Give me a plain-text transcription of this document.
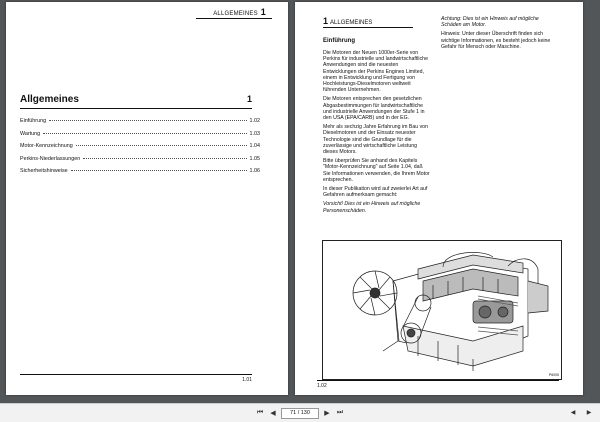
ALLGEMEINES 1
Allgemeines	1
Einführung	1.02
Wartung	1.03
Motor-Kennzeichnung	1.04
Perkins-Niederlassungen	1.05
Sicherheitshinweise	1.06
1.01
1 ALLGEMEINES
Einführung

Die Motoren der Neuen 1000er-Serie von Perkins für industrielle und landwirtschaftliche Anwendungen sind die neuesten Entwicklungen der Perkins Engines Limited, einem in Entwicklung und Fertigung von Hochleistungs-Dieselmotoren weltweit führenden Unternehmen.

Die Motoren entsprechen den gesetzlichen Abgasbestimmungen für landwirtschaftliche und industrielle Anwendungen der Stufe 1 in den USA (EPA/CARB) und in der EG.

Mehr als sechzig Jahre Erfahrung im Bau von Dieselmotoren und der Einsatz neuester Technologie sind die Grundlage für die zuverlässige und wirtschaftliche Leistung dieses Motors.

Bitte überprüfen Sie anhand des Kapitels "Motor-Kennzeichnung" auf Seite 1.04, daß Sie Informationen verwenden, die Ihrem Motor entsprechen.

In dieser Publikation wird auf zweierlei Art auf Gefahren aufmerksam gemacht:

Vorsicht! Dies ist ein Hinweis auf mögliche Personenschäden.

Achtung: Dies ist ein Hinweis auf mögliche Schäden am Motor.

Hinweis: Unter dieser Überschrift finden sich wichtige Informationen, es besteht jedoch keine Gefahr für Mensch oder Maschine.

P6005
1.02
⏮	◀	71 / 130	▶	⏭	◀	▶
